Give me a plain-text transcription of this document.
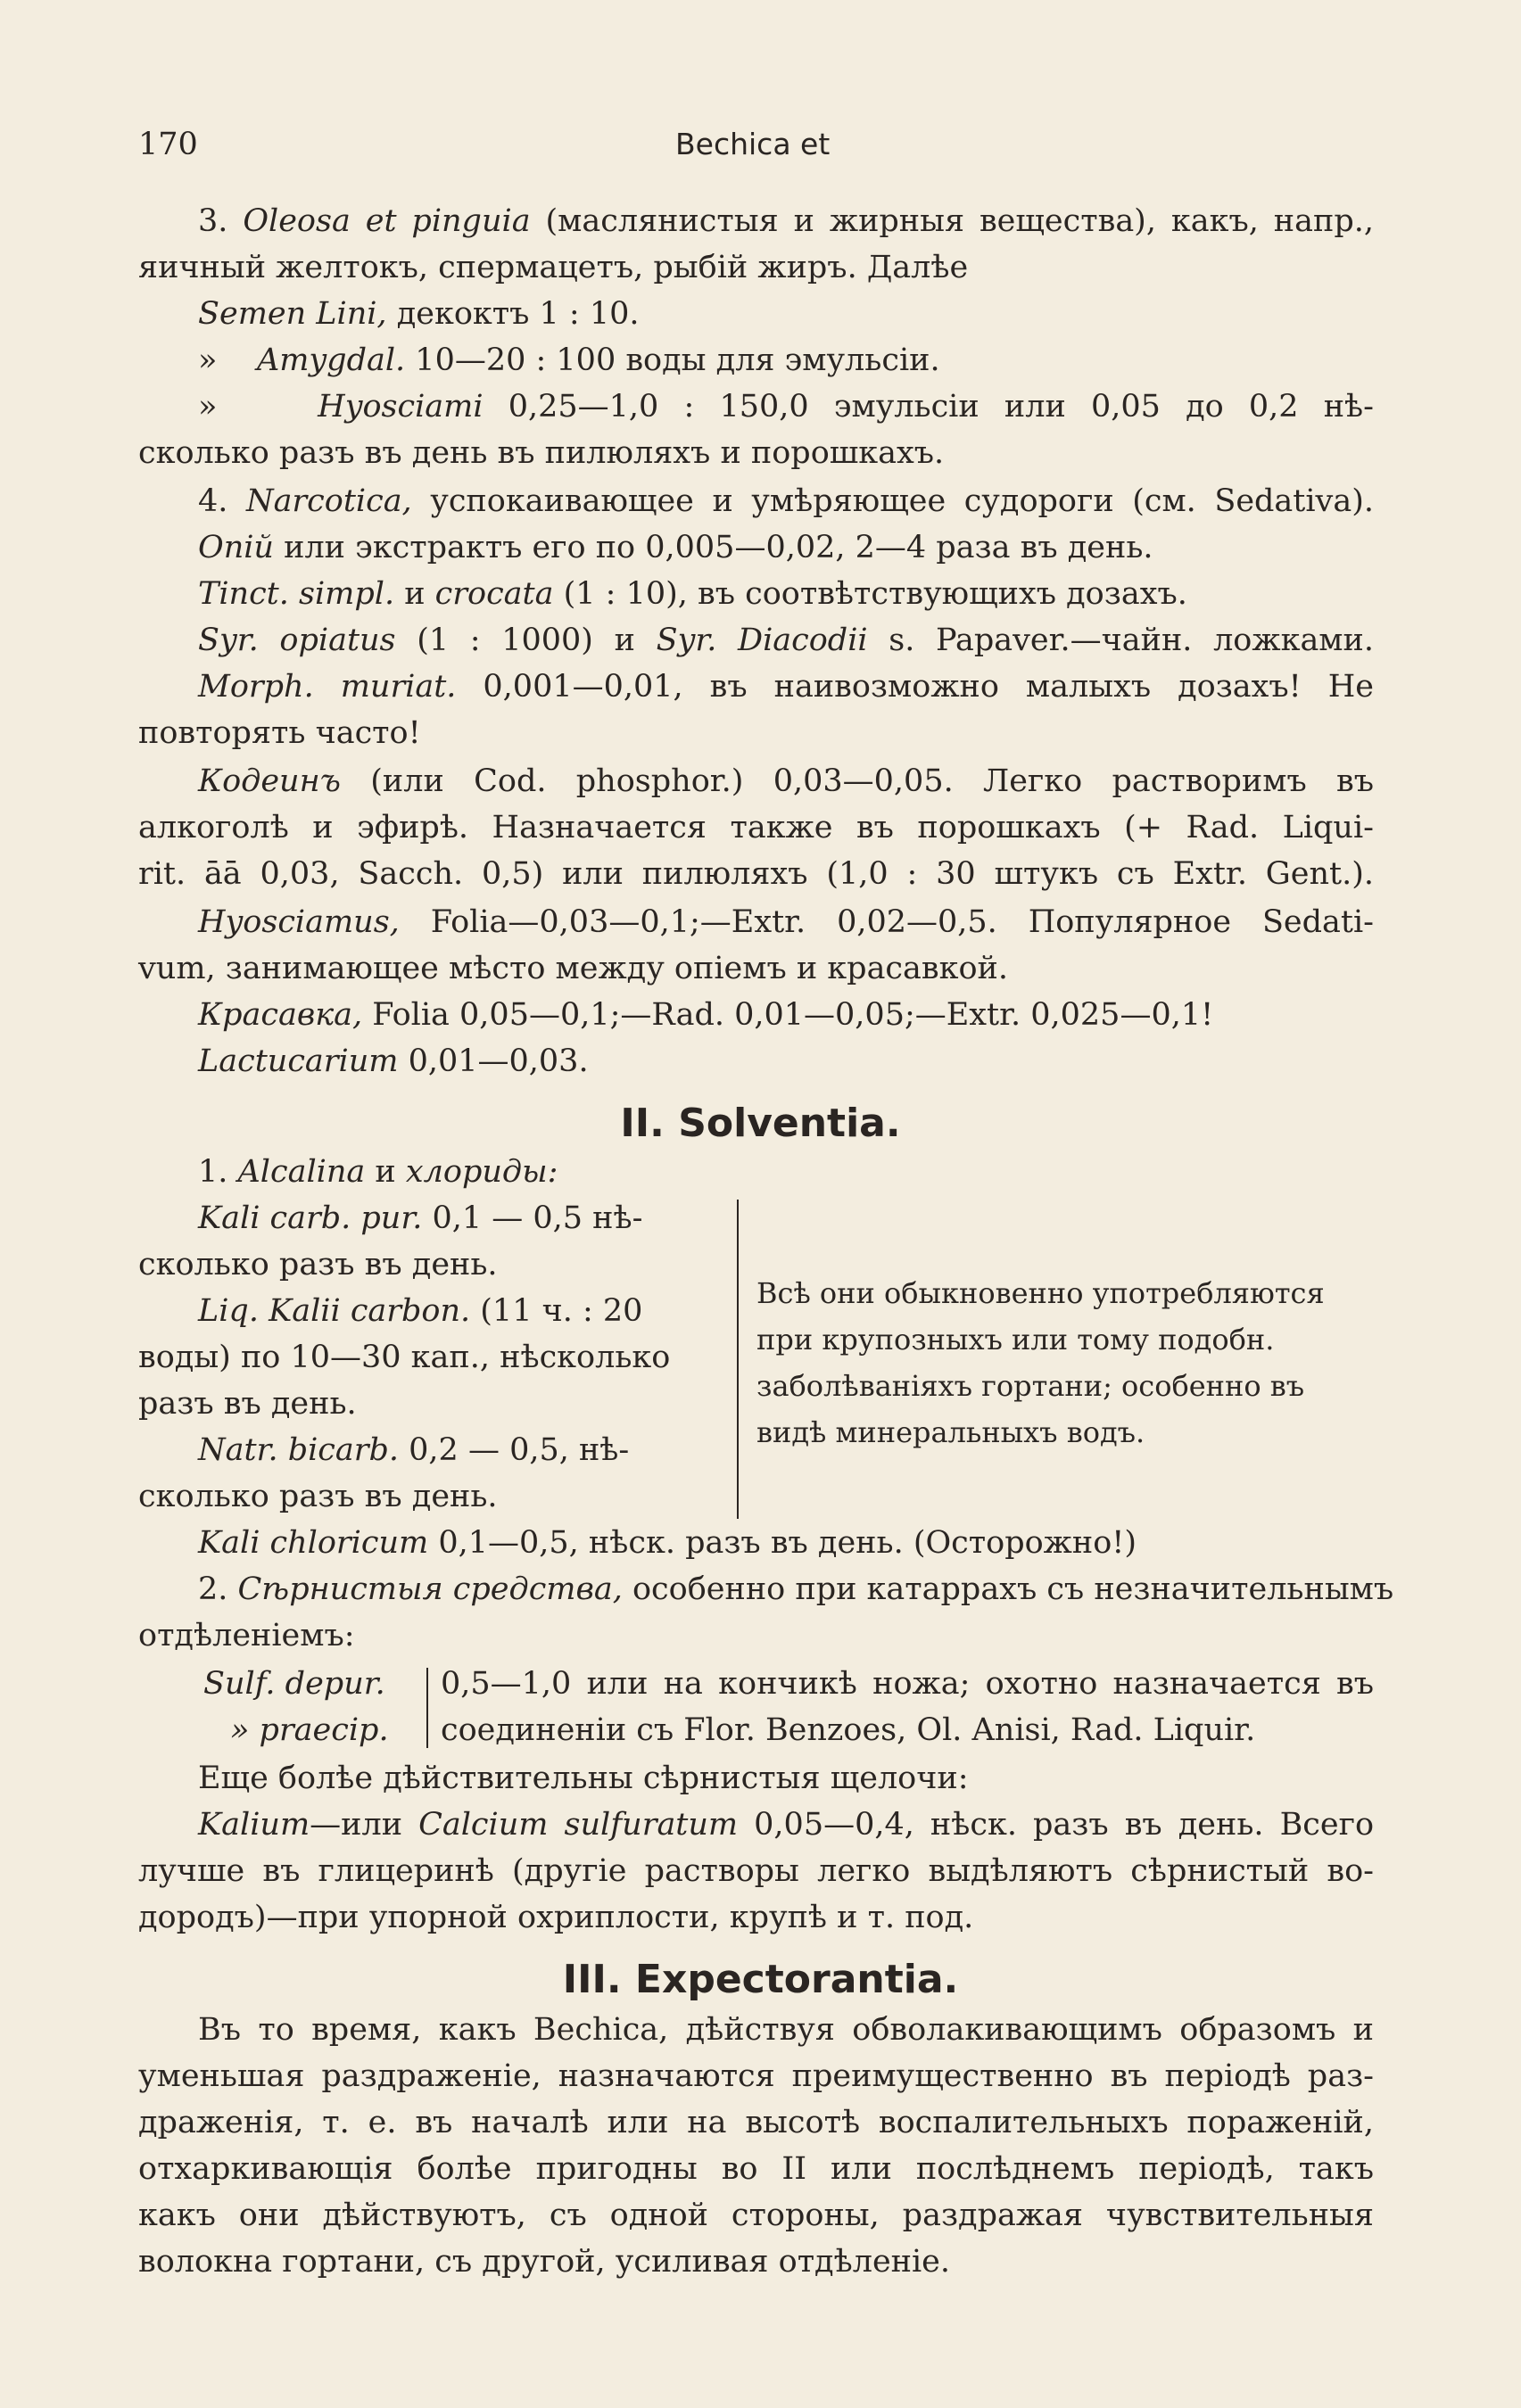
170	Bechica et
3. Oleosa et pinguia (маслянистыя и жирныя вещества), какъ, напр.,
яичный желтокъ, спермацетъ, рыбій жиръ. Далѣе
Semen Lini, декоктъ 1 : 10.
» Amygdal. 10—20 : 100 воды для эмульсіи.
»	Hyosciami 0,25—1,0 : 150,0 эмульсіи или 0,05 до 0,2 нѣ-
сколько разъ въ день въ пилюляхъ и порошкахъ.
4. Narcotica, успокаивающее и умѣряющее судороги (см. Sedativa).
Опій или экстрактъ его по 0,005—0,02, 2—4 раза въ день.
Tinct. simpl. и crocata (1 : 10), въ соотвѣтствующихъ дозахъ.
Syr. opiatus (1 : 1000) и Syr. Diacodii s. Papaver.—чайн. ложками.
Morph. muriat. 0,001—0,01, въ наивозможно малыхъ дозахъ! Не
повторять часто!
Кодеинъ (или Cod. phosphor.) 0,03—0,05. Легко растворимъ въ
алкоголѣ и эфирѣ. Назначается также въ порошкахъ (+ Rad. Liqui-
rit. āā 0,03, Sacch. 0,5) или пилюляхъ (1,0 : 30 штукъ съ Extr. Gent.).
Hyosciamus, Folia—0,03—0,1;—Extr. 0,02—0,5. Популярное Sedati-
vum, занимающее мѣсто между опіемъ и красавкой.
Красавка, Folia 0,05—0,1;—Rad. 0,01—0,05;—Extr. 0,025—0,1!
Lactucarium 0,01—0,03.
II. Solventia.
1. Alcalina и хлориды:
Kali carb. pur. 0,1 — 0,5 нѣ-
сколько разъ въ день.
Liq. Kalii carbon. (11 ч. : 20
воды) по 10—30 кап., нѣсколько
разъ въ день.
Natr. bicarb. 0,2 — 0,5, нѣ-
сколько разъ въ день.
Всѣ они обыкновенно употребляются
при крупозныхъ или тому подобн.
заболѣваніяхъ гортани; особенно въ
видѣ минеральныхъ водъ.
Kali chloricum 0,1—0,5, нѣск. разъ въ день. (Осторожно!)
2. Сѣрнистыя средства, особенно при катаррахъ съ незначительнымъ
отдѣленіемъ:
Sulf. depur.
» praecip.
0,5—1,0 или на кончикѣ ножа; охотно назначается въ
соединеніи съ Flor. Benzoes, Ol. Anisi, Rad. Liquir.
Еще болѣе дѣйствительны сѣрнистыя щелочи:
Kalium—или Calcium sulfuratum 0,05—0,4, нѣск. разъ въ день. Всего
лучше въ глицеринѣ (другіе растворы легко выдѣляютъ сѣрнистый во-
дородъ)—при упорной охриплости, крупѣ и т. под.
III. Expectorantia.
Въ то время, какъ Bechica, дѣйствуя обволакивающимъ образомъ и
уменьшая раздраженіе, назначаются преимущественно въ періодѣ раз-
драженія, т. е. въ началѣ или на высотѣ воспалительныхъ пораженій,
отхаркивающія болѣе пригодны во II или послѣднемъ періодѣ, такъ
какъ они дѣйствуютъ, съ одной стороны, раздражая чувствительныя
волокна гортани, съ другой, усиливая отдѣленіе.
